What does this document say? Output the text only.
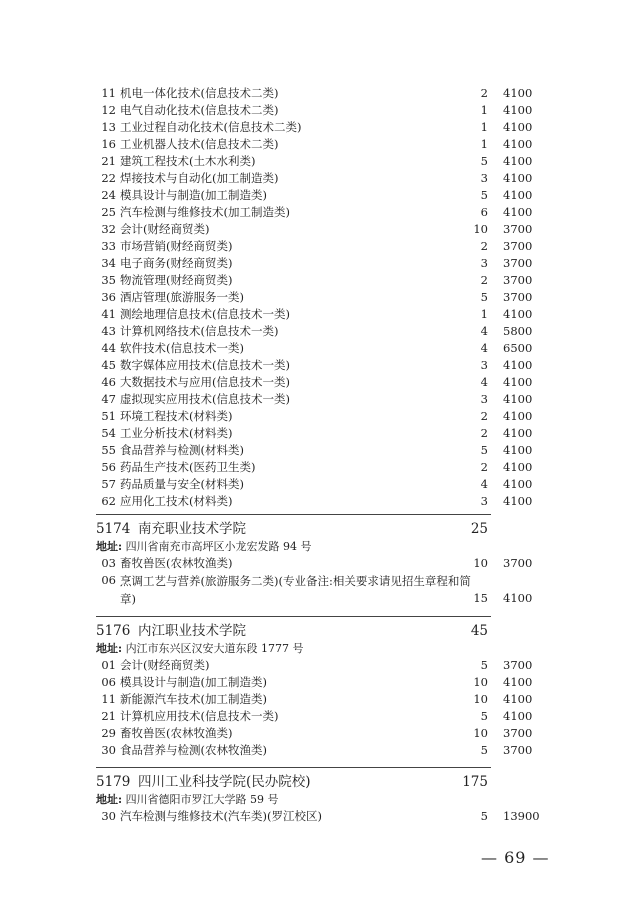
11 机电一体化技术(信息技术二类)	2 4100
12 电气自动化技术(信息技术二类)	1 4100
13 工业过程自动化技术(信息技术二类)	1 4100
16 工业机器人技术(信息技术二类)	1 4100
21 建筑工程技术(土木水利类)	5 4100
22 焊接技术与自动化(加工制造类)	3 4100
24 模具设计与制造(加工制造类)	5 4100
25 汽车检测与维修技术(加工制造类)	6 4100
32 会计(财经商贸类)	10 3700
33 市场营销(财经商贸类)	2 3700
34 电子商务(财经商贸类)	3 3700
35 物流管理(财经商贸类)	2 3700
36 酒店管理(旅游服务一类)	5 3700
41 测绘地理信息技术(信息技术一类)	1 4100
43 计算机网络技术(信息技术一类)	4 5800
44 软件技术(信息技术一类)	4 6500
45 数字媒体应用技术(信息技术一类)	3 4100
46 大数据技术与应用(信息技术一类)	4 4100
47 虚拟现实应用技术(信息技术一类)	3 4100
51 环境工程技术(材料类)	2 4100
54 工业分析技术(材料类)	2 4100
55 食品营养与检测(材料类)	5 4100
56 药品生产技术(医药卫生类)	2 4100
57 药品质量与安全(材料类)	4 4100
62 应用化工技术(材料类)	3 4100
5174 南充职业技术学院	25
地址: 四川省南充市高坪区小龙宏发路 94 号
03 畜牧兽医(农林牧渔类)	10 3700
06 烹调工艺与营养(旅游服务二类)(专业备注:相关要求请见招生章程和简章)	15 4100
5176 内江职业技术学院	45
地址: 内江市东兴区汉安大道东段 1777 号
01 会计(财经商贸类)	5 3700
06 模具设计与制造(加工制造类)	10 4100
11 新能源汽车技术(加工制造类)	10 4100
21 计算机应用技术(信息技术一类)	5 4100
29 畜牧兽医(农林牧渔类)	10 3700
30 食品营养与检测(农林牧渔类)	5 3700
5179 四川工业科技学院(民办院校)	175
地址: 四川省德阳市罗江大学路 59 号
30 汽车检测与维修技术(汽车类)(罗江校区)	5 13900
— 69 —
